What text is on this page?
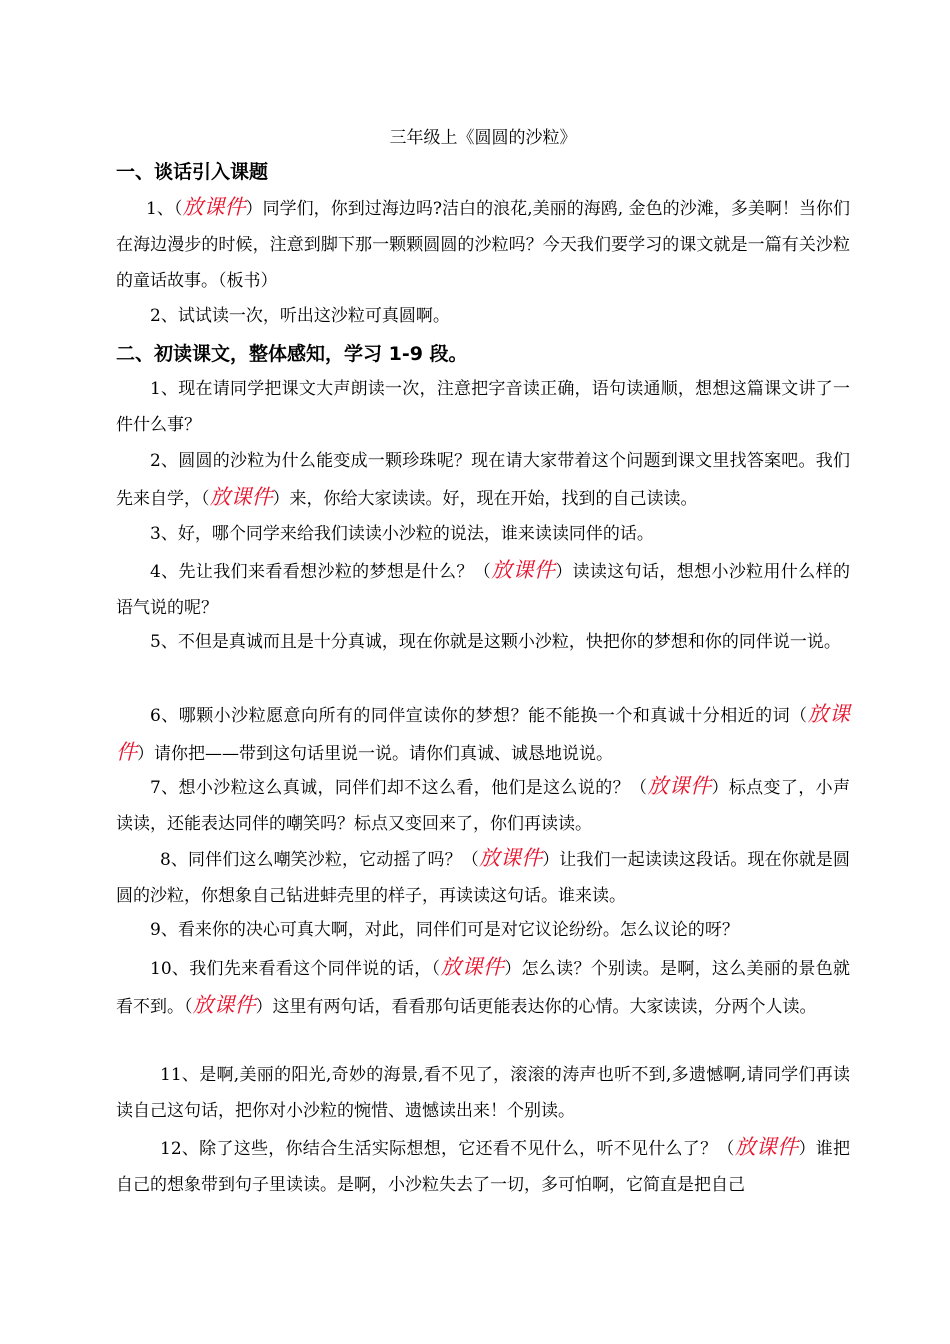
三年级上《圆圆的沙粒》
一、谈话引入课题
1、（放课件）同学们，你到过海边吗?洁白的浪花,美丽的海鸥, 金色的沙滩，多美啊！当你们在海边漫步的时候，注意到脚下那一颗颗圆圆的沙粒吗？今天我们要学习的课文就是一篇有关沙粒的童话故事。（板书）
2、试试读一次，听出这沙粒可真圆啊。
二、初读课文，整体感知，学习 1-9 段。
1、现在请同学把课文大声朗读一次，注意把字音读正确，语句读通顺，想想这篇课文讲了一件什么事？
2、圆圆的沙粒为什么能变成一颗珍珠呢？现在请大家带着这个问题到课文里找答案吧。我们先来自学，（放课件）来，你给大家读读。好，现在开始，找到的自己读读。
3、好，哪个同学来给我们读读小沙粒的说法，谁来读读同伴的话。
4、先让我们来看看想沙粒的梦想是什么？（放课件）读读这句话，想想小沙粒用什么样的语气说的呢？
5、不但是真诚而且是十分真诚，现在你就是这颗小沙粒，快把你的梦想和你的同伴说一说。
6、哪颗小沙粒愿意向所有的同伴宣读你的梦想？能不能换一个和真诚十分相近的词（放课件）请你把——带到这句话里说一说。请你们真诚、诚恳地说说。
7、想小沙粒这么真诚，同伴们却不这么看，他们是这么说的？（放课件）标点变了，小声读读，还能表达同伴的嘲笑吗？标点又变回来了，你们再读读。
8、同伴们这么嘲笑沙粒，它动摇了吗？（放课件）让我们一起读读这段话。现在你就是圆圆的沙粒，你想象自己钻进蚌壳里的样子，再读读这句话。谁来读。
9、看来你的决心可真大啊，对此，同伴们可是对它议论纷纷。怎么议论的呀？
10、我们先来看看这个同伴说的话，（放课件）怎么读？个别读。是啊，这么美丽的景色就看不到。（放课件）这里有两句话，看看那句话更能表达你的心情。大家读读，分两个人读。
11、是啊,美丽的阳光,奇妙的海景,看不见了，滚滚的涛声也听不到,多遗憾啊,请同学们再读读自己这句话，把你对小沙粒的惋惜、遗憾读出来！个别读。
12、除了这些，你结合生活实际想想，它还看不见什么，听不见什么了？（放课件）谁把自己的想象带到句子里读读。是啊，小沙粒失去了一切，多可怕啊，它简直是把自己
